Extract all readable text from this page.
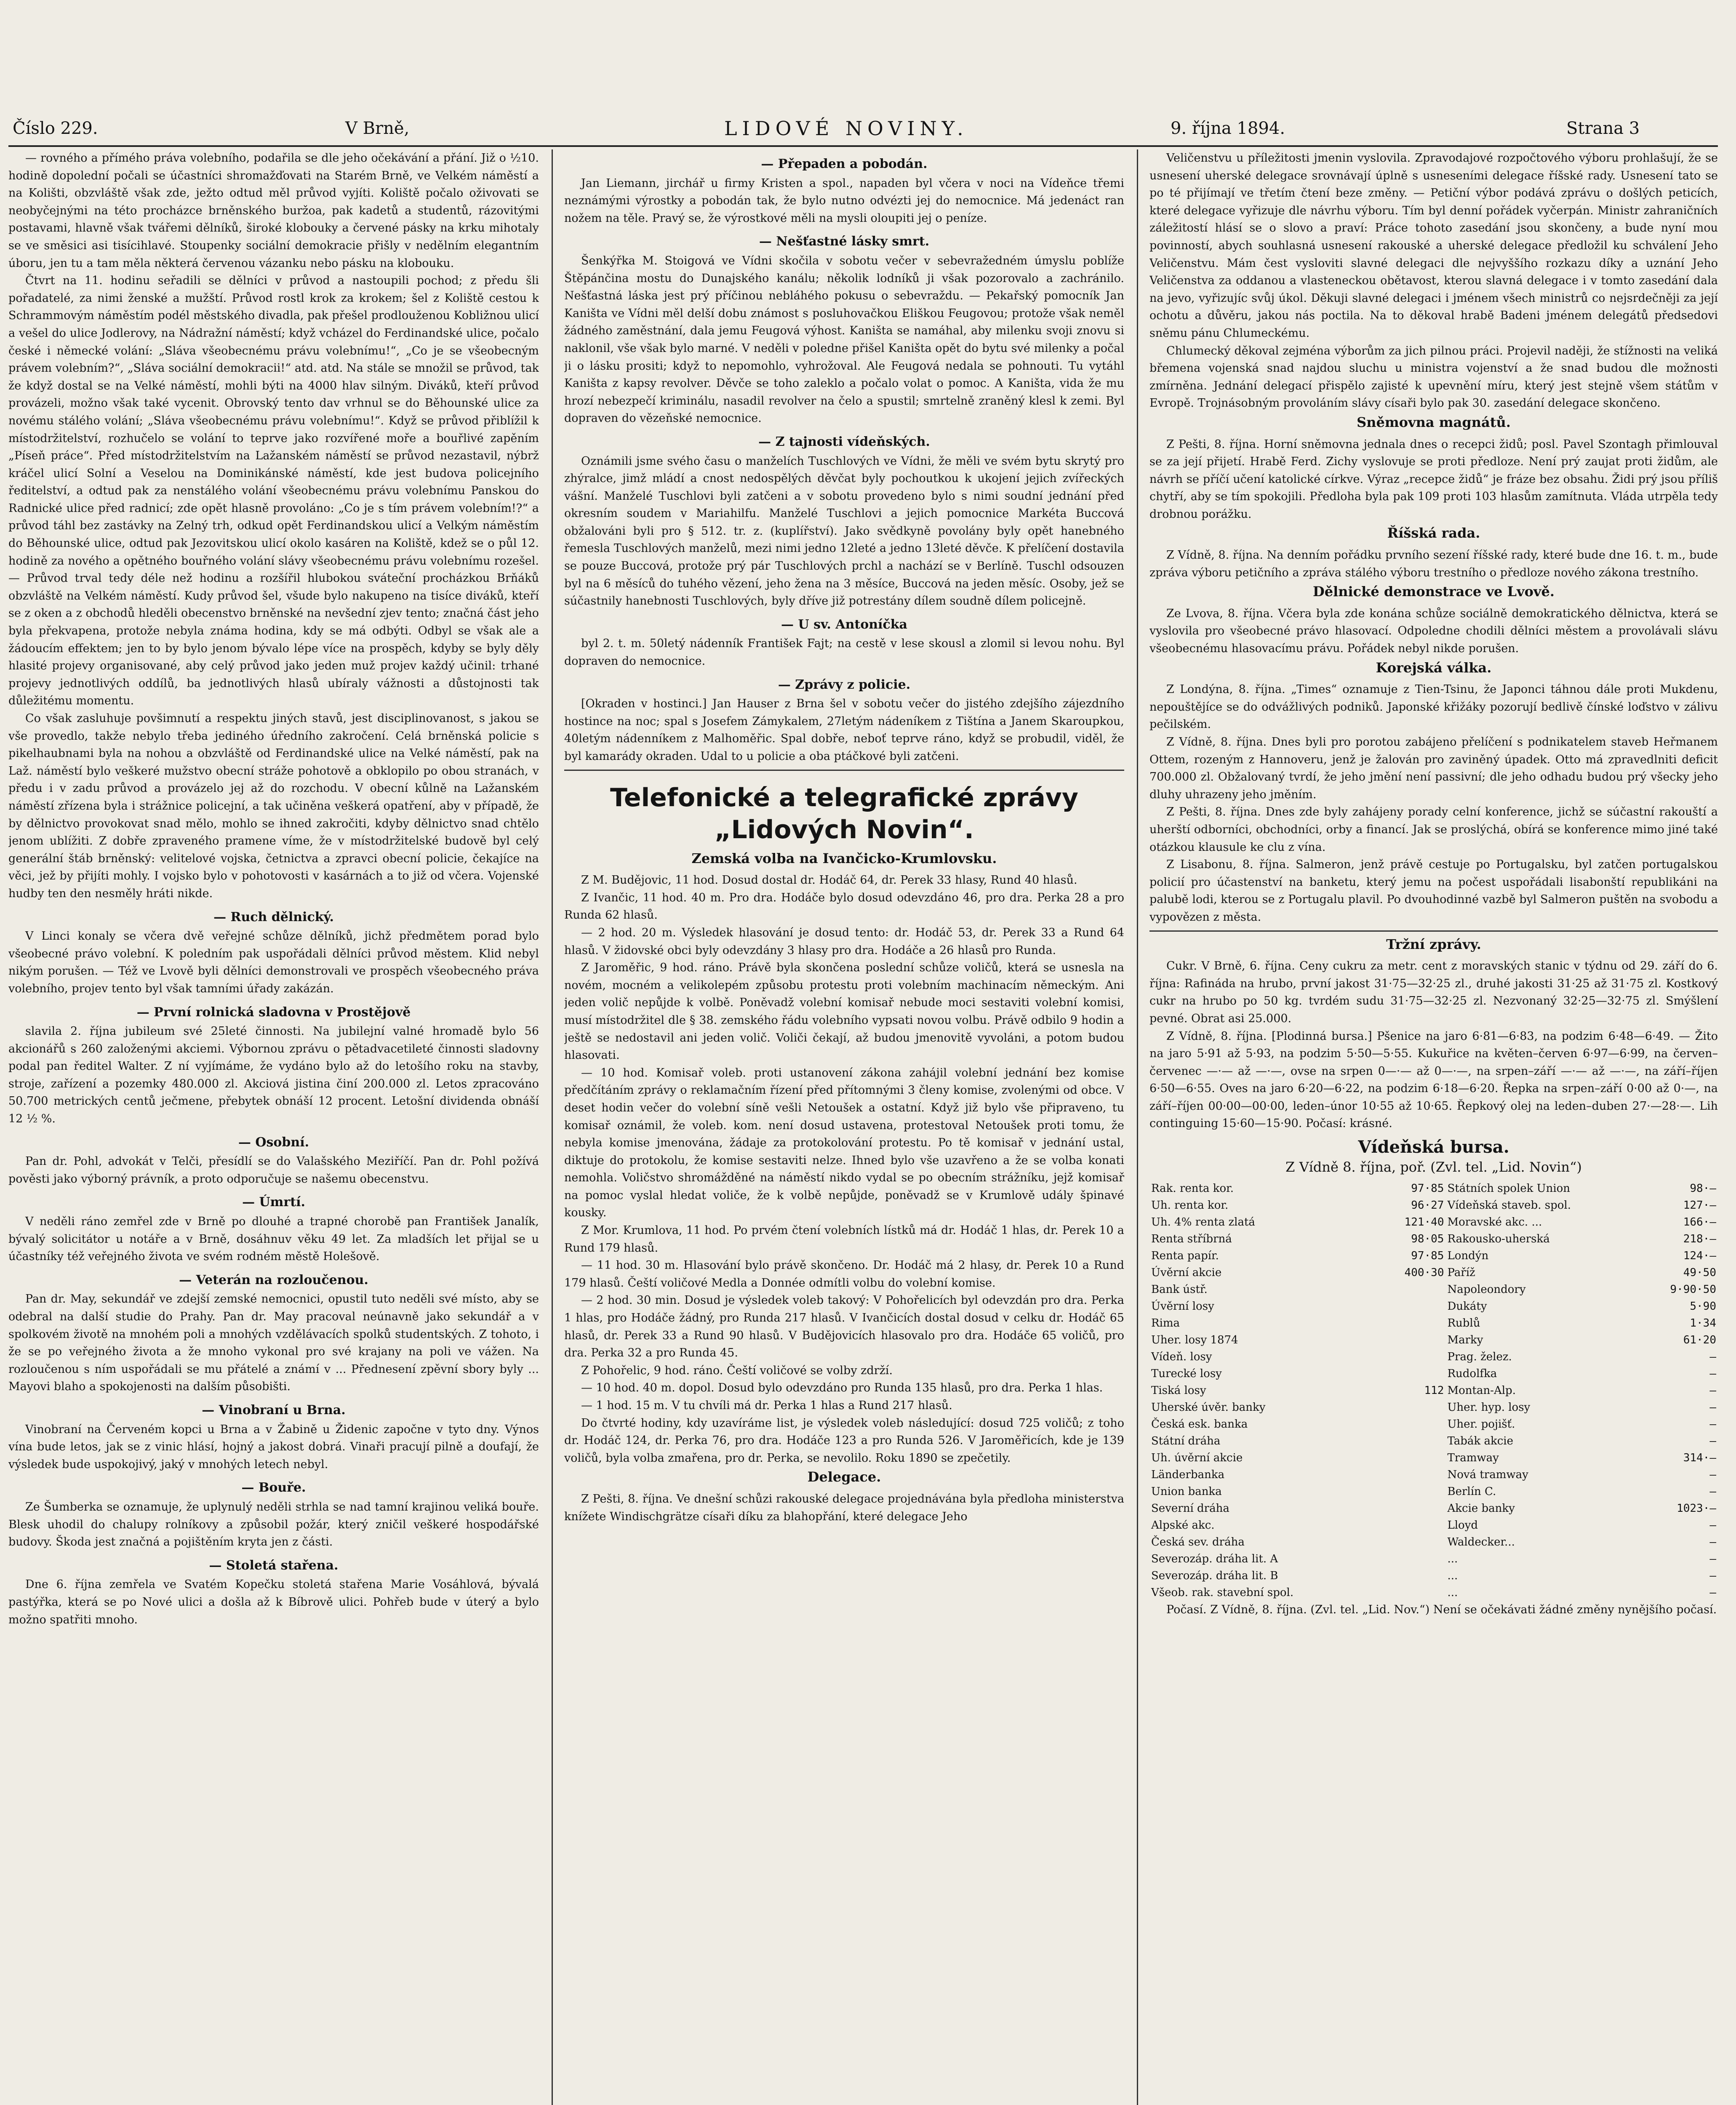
Číslo 229.	V Brně,	LIDOVÉ NOVINY.	9. října 1894.	Strana 3

— rovného a přímého práva volebního, podařila se dle jeho očekávání a přání. Již o ½10. hodině dopolední počali se účastníci shromažďovati na Starém Brně, ve Velkém náměstí a na Kolišti, obzvláště však zde, ježto odtud měl průvod vyjíti. Koliště počalo oživovati se neobyčejnými na této procházce brněnského buržoa, pak kadetů a studentů, rázovitými postavami, hlavně však tvářemi dělníků, široké klobouky a červené pásky na krku mihotaly se ve směsici asi tisícihlavé. Stoupenky sociální demokracie přišly v nedělním elegantním úboru, jen tu a tam měla některá červenou vázanku nebo pásku na klobouku.

Čtvrt na 11. hodinu seřadili se dělníci v průvod a nastoupili pochod; z předu šli pořadatelé, za nimi ženské a mužští. Průvod rostl krok za krokem; šel z Koliště cestou k Schrammovým náměstím podél městského divadla, pak přešel prodlouženou Kobližnou ulicí a vešel do ulice Jodlerovy, na Nádražní náměstí; když vcházel do Ferdinandské ulice, počalo české i německé volání: „Sláva všeobecnému právu volebnímu!“, „Co je se všeobecným právem volebním?“, „Sláva sociální demokracii!“ atd. atd. Na stále se množil se průvod, tak že když dostal se na Velké náměstí, mohli býti na 4000 hlav silným. Diváků, kteří průvod provázeli, možno však také vycenit. Obrovský tento dav vrhnul se do Běhounské ulice za novému stálého volání; „Sláva všeobecnému právu volebnímu!“. Když se průvod přiblížil k místodržitelství, rozhučelo se volání to teprve jako rozvířené moře a bouřlivé zapěním „Píseň práce“. Před místodržitelstvím na Lažanském náměstí se průvod nezastavil, nýbrž kráčel ulicí Solní a Veselou na Dominikánské náměstí, kde jest budova policejního ředitelství, a odtud pak za nenstálého volání všeobecnému právu volebnímu Panskou do Radnické ulice před radnicí; zde opět hlasně provoláno: „Co je s tím právem volebním!?“ a průvod táhl bez zastávky na Zelný trh, odkud opět Ferdinandskou ulicí a Velkým náměstím do Běhounské ulice, odtud pak Jezovitskou ulicí okolo kasáren na Koliště, kdež se o půl 12. hodině za nového a opětného bouřného volání slávy všeobecnému právu volebnímu rozešel. — Průvod trval tedy déle než hodinu a rozšířil hlubokou sváteční procházkou Brňáků obzvláště na Velkém náměstí. Kudy průvod šel, všude bylo nakupeno na tisíce diváků, kteří se z oken a z obchodů hleděli obecenstvo brněnské na nevšední zjev tento; značná část jeho byla překvapena, protože nebyla známa hodina, kdy se má odbýti. Odbyl se však ale a žádoucím effektem; jen to by bylo jenom bývalo lépe více na prospěch, kdyby se byly děly hlasité projevy organisované, aby celý průvod jako jeden muž projev každý učinil: trhané projevy jednotlivých oddílů, ba jednotlivých hlasů ubíraly vážnosti a důstojnosti tak důležitému momentu.

Co však zasluhuje povšimnutí a respektu jiných stavů, jest disciplinovanost, s jakou se vše provedlo, takže nebylo třeba jediného úředního zakročení. Celá brněnská policie s pikelhaubnami byla na nohou a obzvláště od Ferdinandské ulice na Velké náměstí, pak na Laž. náměstí bylo veškeré mužstvo obecní stráže pohotově a obklopilo po obou stranách, v předu i v zadu průvod a provázelo jej až do rozchodu. V obecní kůlně na Lažanském náměstí zřízena byla i strážnice policejní, a tak učiněna veškerá opatření, aby v případě, že by dělnictvo provokovat snad mělo, mohlo se ihned zakročiti, kdyby dělnictvo snad chtělo jenom ublížiti. Z dobře zpraveného pramene víme, že v místodržitelské budově byl celý generální štáb brněnský: velitelové vojska, četnictva a zpravci obecní policie, čekajíce na věci, jež by přijíti mohly. I vojsko bylo v pohotovosti v kasárnách a to již od včera. Vojenské hudby ten den nesměly hráti nikde.

— Ruch dělnický.

V Linci konaly se včera dvě veřejné schůze dělníků, jichž předmětem porad bylo všeobecné právo volební. K poledním pak uspořádali dělníci průvod městem. Klid nebyl nikým porušen. — Též ve Lvově byli dělníci demonstrovali ve prospěch všeobecného práva volebního, projev tento byl však tamními úřady zakázán.

— První rolnická sladovna v Prostějově

slavila 2. října jubileum své 25leté činnosti. Na jubilejní valné hromadě bylo 56 akcionářů s 260 založenými akciemi. Výbornou zprávu o pětadvacetileté činnosti sladovny podal pan ředitel Walter. Z ní vyjímáme, že vydáno bylo až do letošího roku na stavby, stroje, zařízení a pozemky 480.000 zl. Akciová jistina činí 200.000 zl. Letos zpracováno 50.700 metrických centů ječmene, přebytek obnáší 12 procent. Letošní dividenda obnáší 12 ½ %.

— Osobní.

Pan dr. Pohl, advokát v Telči, přesídlí se do Valašského Meziříčí. Pan dr. Pohl požívá pověsti jako výborný právník, a proto odporučuje se našemu obecenstvu.

— Úmrtí.

V neděli ráno zemřel zde v Brně po dlouhé a trapné chorobě pan František Janalík, bývalý solicitátor u notáře a v Brně, dosáhnuv věku 49 let. Za mladších let přijal se u účastníky též veřejného života ve svém rodném městě Holešově.

— Veterán na rozloučenou.

Pan dr. May, sekundář ve zdejší zemské nemocnici, opustil tuto neděli své místo, aby se odebral na další studie do Prahy. Pan dr. May pracoval neúnavně jako sekundář a v spolkovém životě na mnohém poli a mnohých vzdělávacích spolků studentských. Z tohoto, i že se po veřejného života a že mnoho vykonal pro své krajany na poli ve vážen. Na rozloučenou s ním uspořádali se mu přátelé a známí v ... Přednesení zpěvní sbory byly ... Mayovi blaho a spokojenosti na dalším působišti.

— Vinobraní u Brna.

Vinobraní na Červeném kopci u Brna a v Žabině u Židenic započne v tyto dny. Výnos vína bude letos, jak se z vinic hlásí, hojný a jakost dobrá. Vinaři pracují pilně a doufají, že výsledek bude uspokojivý, jaký v mnohých letech nebyl.

— Bouře.

Ze Šumberka se oznamuje, že uplynulý neděli strhla se nad tamní krajinou veliká bouře. Blesk uhodil do chalupy rolníkovy a způsobil požár, který zničil veškeré hospodářské budovy. Škoda jest značná a pojištěním kryta jen z části.

— Stoletá stařena.

Dne 6. října zemřela ve Svatém Kopečku stoletá stařena Marie Vosáhlová, bývalá pastýřka, která se po Nové ulici a došla až k Bíbrově ulici. Pohřeb bude v úterý a bylo možno spatřiti mnoho.

— Přepaden a pobodán.

Jan Liemann, jirchář u firmy Kristen a spol., napaden byl včera v noci na Vídeňce třemi neznámými výrostky a pobodán tak, že bylo nutno odvézti jej do nemocnice. Má jedenáct ran nožem na těle. Pravý se, že výrostkové měli na mysli oloupiti jej o peníze.

— Nešťastné lásky smrt.

Šenkýřka M. Stoigová ve Vídni skočila v sobotu večer v sebevražedném úmyslu poblíže Štěpánčina mostu do Dunajského kanálu; několik lodníků ji však pozorovalo a zachránilo. Nešťastná láska jest prý příčinou nebláhého pokusu o sebevraždu. — Pekařský pomocník Jan Kaništa ve Vídni měl delší dobu známost s posluhovačkou Eliškou Feugovou; protože však neměl žádného zaměstnání, dala jemu Feugová výhost. Kaništa se namáhal, aby milenku svoji znovu si naklonil, vše však bylo marné. V neděli v poledne přišel Kaništa opět do bytu své milenky a počal ji o lásku prositi; když to nepomohlo, vyhrožoval. Ale Feugová nedala se pohnouti. Tu vytáhl Kaništa z kapsy revolver. Děvče se toho zaleklo a počalo volat o pomoc. A Kaništa, vida že mu hrozí nebezpečí kriminálu, nasadil revolver na čelo a spustil; smrtelně zraněný klesl k zemi. Byl dopraven do vězeňské nemocnice.

— Z tajnosti vídeňských.

Oznámili jsme svého času o manželích Tuschlových ve Vídni, že měli ve svém bytu skrytý pro zhýralce, jimž mládí a cnost nedospělých děvčat byly pochoutkou k ukojení jejich zvířeckých vášní. Manželé Tuschlovi byli zatčeni a v sobotu provedeno bylo s nimi soudní jednání před okresním soudem v Mariahilfu. Manželé Tuschlovi a jejich pomocnice Markéta Buccová obžalováni byli pro § 512. tr. z. (kuplířství). Jako svědkyně povolány byly opět hanebného řemesla Tuschlových manželů, mezi nimi jedno 12leté a jedno 13leté děvče. K přelíčení dostavila se pouze Buccová, protože prý pár Tuschlových prchl a nachází se v Berlíně. Tuschl odsouzen byl na 6 měsíců do tuhého vězení, jeho žena na 3 měsíce, Buccová na jeden měsíc. Osoby, jež se súčastnily hanebnosti Tuschlových, byly dříve již potrestány dílem soudně dílem policejně.

— U sv. Antoníčka

byl 2. t. m. 50letý nádenník František Fajt; na cestě v lese skousl a zlomil si levou nohu. Byl dopraven do nemocnice.

— Zprávy z policie.

[Okraden v hostinci.] Jan Hauser z Brna šel v sobotu večer do jistého zdejšího zájezdního hostince na noc; spal s Josefem Zámykalem, 27letým nádeníkem z Tištína a Janem Skaroupkou, 40letým nádenníkem z Malhoměřic. Spal dobře, neboť teprve ráno, když se probudil, viděl, že byl kamarády okraden. Udal to u policie a oba ptáčkové byli zatčeni.

Telefonické a telegrafické zprávy „Lidových Novin“.
Zemská volba na Ivančicko-Krumlovsku.

Z M. Budějovic, 11 hod. Dosud dostal dr. Hodáč 64, dr. Perek 33 hlasy, Rund 40 hlasů.

Z Ivančic, 11 hod. 40 m. Pro dra. Hodáče bylo dosud odevzdáno 46, pro dra. Perka 28 a pro Runda 62 hlasů.

— 2 hod. 20 m. Výsledek hlasování je dosud tento: dr. Hodáč 53, dr. Perek 33 a Rund 64 hlasů. V židovské obci byly odevzdány 3 hlasy pro dra. Hodáče a 26 hlasů pro Runda.

Z Jaroměřic, 9 hod. ráno. Právě byla skončena poslední schůze voličů, která se usnesla na novém, mocném a velikolepém způsobu protestu proti volebním machinacím německým. Ani jeden volič nepůjde k volbě. Poněvadž volební komisař nebude moci sestaviti volební komisi, musí místodržitel dle § 38. zemského řádu volebního vypsati novou volbu. Právě odbilo 9 hodin a ještě se nedostavil ani jeden volič. Voliči čekají, až budou jmenovitě vyvoláni, a potom budou hlasovati.

— 10 hod. Komisař voleb. proti ustanovení zákona zahájil volební jednání bez komise předčítáním zprávy o reklamačním řízení před přítomnými 3 členy komise, zvolenými od obce. V deset hodin večer do volební síně vešli Netoušek a ostatní. Když již bylo vše připraveno, tu komisař oznámil, že voleb. kom. není dosud ustavena, protestoval Netoušek proti tomu, že nebyla komise jmenována, žádaje za protokolování protestu. Po tě komisař v jednání ustal, diktuje do protokolu, že komise sestaviti nelze. Ihned bylo vše uzavřeno a že se volba konati nemohla. Voličstvo shromážděné na náměstí nikdo vydal se po obecním strážníku, jejž komisař na pomoc vyslal hledat voliče, že k volbě nepůjde, poněvadž se v Krumlově udály špinavé kousky.

Z Mor. Krumlova, 11 hod. Po prvém čtení volebních lístků má dr. Hodáč 1 hlas, dr. Perek 10 a Rund 179 hlasů.

— 11 hod. 30 m. Hlasování bylo právě skončeno. Dr. Hodáč má 2 hlasy, dr. Perek 10 a Rund 179 hlasů. Čeští voličové Medla a Donnée odmítli volbu do volební komise.

— 2 hod. 30 min. Dosud je výsledek voleb takový: V Pohořelicích byl odevzdán pro dra. Perka 1 hlas, pro Hodáče žádný, pro Runda 217 hlasů. V Ivančicích dostal dosud v celku dr. Hodáč 65 hlasů, dr. Perek 33 a Rund 90 hlasů. V Budějovicích hlasovalo pro dra. Hodáče 65 voličů, pro dra. Perka 32 a pro Runda 45.

Z Pohořelic, 9 hod. ráno. Čeští voličové se volby zdrží.

— 10 hod. 40 m. dopol. Dosud bylo odevzdáno pro Runda 135 hlasů, pro dra. Perka 1 hlas.

— 1 hod. 15 m. V tu chvíli má dr. Perka 1 hlas a Rund 217 hlasů.

Do čtvrté hodiny, kdy uzavíráme list, je výsledek voleb následující: dosud 725 voličů; z toho dr. Hodáč 124, dr. Perka 76, pro dra. Hodáče 123 a pro Runda 526. V Jaroměřicích, kde je 139 voličů, byla volba zmařena, pro dr. Perka, se nevolilo. Roku 1890 se zpečetily.

Delegace.

Z Pešti, 8. října. Ve dnešní schůzi rakouské delegace projednávána byla předloha ministerstva knížete Windischgrätze císaři díku za blahopřání, které delegace Jeho

Veličenstvu u příležitosti jmenin vyslovila. Zpravodajové rozpočtového výboru prohlašují, že se usnesení uherské delegace srovnávají úplně s usneseními delegace říšské rady. Usnesení tato se po té přijímají ve třetím čtení beze změny. — Petiční výbor podává zprávu o došlých peticích, které delegace vyřizuje dle návrhu výboru. Tím byl denní pořádek vyčerpán. Ministr zahraničních záležitostí hlásí se o slovo a praví: Práce tohoto zasedání jsou skončeny, a bude nyní mou povinností, abych souhlasná usnesení rakouské a uherské delegace předložil ku schválení Jeho Veličenstvu. Mám čest vysloviti slavné delegaci dle nejvyššího rozkazu díky a uznání Jeho Veličenstva za oddanou a vlasteneckou obětavost, kterou slavná delegace i v tomto zasedání dala na jevo, vyřizujíc svůj úkol. Děkuji slavné delegaci i jménem všech ministrů co nejsrdečněji za její ochotu a důvěru, jakou nás poctila. Na to děkoval hrabě Badeni jménem delegátů předsedovi sněmu pánu Chlumeckému.

Chlumecký děkoval zejména výborům za jich pilnou práci. Projevil naději, že stížnosti na veliká břemena vojenská snad najdou sluchu u ministra vojenství a že snad budou dle možnosti zmírněna. Jednání delegací přispělo zajisté k upevnění míru, který jest stejně všem státům v Evropě. Trojnásobným provoláním slávy císaři bylo pak 30. zasedání delegace skončeno.

Sněmovna magnátů.

Z Pešti, 8. října. Horní sněmovna jednala dnes o recepci židů; posl. Pavel Szontagh přimlouval se za její přijetí. Hrabě Ferd. Zichy vyslovuje se proti předloze. Není prý zaujat proti židům, ale návrh se příčí učení katolické církve. Výraz „recepce židů“ je fráze bez obsahu. Židi prý jsou příliš chytří, aby se tím spokojili. Předloha byla pak 109 proti 103 hlasům zamítnuta. Vláda utrpěla tedy drobnou porážku.

Říšská rada.

Z Vídně, 8. října. Na denním pořádku prvního sezení říšské rady, které bude dne 16. t. m., bude zpráva výboru petičního a zpráva stálého výboru trestního o předloze nového zákona trestního.

Dělnické demonstrace ve Lvově.

Ze Lvova, 8. října. Včera byla zde konána schůze sociálně demokratického dělnictva, která se vyslovila pro všeobecné právo hlasovací. Odpoledne chodili dělníci městem a provolávali slávu všeobecnému hlasovacímu právu. Pořádek nebyl nikde porušen.

Korejská válka.

Z Londýna, 8. října. „Times“ oznamuje z Tien-Tsinu, že Japonci táhnou dále proti Mukdenu, nepouštějíce se do odvážlivých podniků. Japonské křižáky pozorují bedlivě čínské loďstvo v zálivu pečilském.

Z Vídně, 8. října. Dnes byli pro porotou zabájeno přelíčení s podnikatelem staveb Heřmanem Ottem, rozeným z Hannoveru, jenž je žalován pro zaviněný úpadek. Otto má zpravedlniti deficit 700.000 zl. Obžalovaný tvrdí, že jeho jmění není passivní; dle jeho odhadu budou prý všecky jeho dluhy uhrazeny jeho jměním.

Z Pešti, 8. října. Dnes zde byly zahájeny porady celní konference, jichž se súčastní rakouští a uherští odborníci, obchodníci, orby a financí. Jak se proslýchá, obírá se konference mimo jiné také otázkou klausule ke clu z vína.

Z Lisabonu, 8. října. Salmeron, jenž právě cestuje po Portugalsku, byl zatčen portugalskou policií pro účastenství na banketu, který jemu na počest uspořádali lisabonští republikáni na palubě lodi, kterou se z Portugalu plavil. Po dvouhodinné vazbě byl Salmeron puštěn na svobodu a vypovězen z města.

Tržní zprávy.

Cukr. V Brně, 6. října. Ceny cukru za metr. cent z moravských stanic v týdnu od 29. září do 6. října: Rafináda na hrubo, první jakost 31·75—32·25 zl., druhé jakosti 31·25 až 31·75 zl. Kostkový cukr na hrubo po 50 kg. tvrdém sudu 31·75—32·25 zl. Nezvonaný 32·25—32·75 zl. Smýšlení pevné. Obrat asi 25.000.

Z Vídně, 8. října. [Plodinná bursa.] Pšenice na jaro 6·81—6·83, na podzim 6·48—6·49. — Žito na jaro 5·91 až 5·93, na podzim 5·50—5·55. Kukuřice na květen–červen 6·97—6·99, na červen–červenec —·— až —·—, ovse na srpen 0—·— až 0—·—, na srpen–září —·— až —·—, na září–říjen 6·50—6·55. Oves na jaro 6·20—6·22, na podzim 6·18—6·20. Řepka na srpen–září 0·00 až 0·—, na září–říjen 00·00—00·00, leden–únor 10·55 až 10·65. Řepkový olej na leden–duben 27·—28·—. Lih continguing 15·60—15·90. Počasí: krásné.

Vídeňská bursa.
Z Vídně 8. října, poř. (Zvl. tel. „Lid. Novin“)
Rak. renta kor.		97·85	Státních spolek Union	98·—
Uh. renta kor.		96·27	Vídeňská staveb. spol.	127·—
Uh. 4% renta zlatá		121·40	Moravské akc. ...	166·—
Renta stříbrná		98·05	Rakousko-uherská	218·—
Renta papír.		97·85	Londýn	124·—
Úvěrní akcie		400·30	Paříž	49·50
Bank ústř.			Napoleondory	9·90·50
Úvěrní losy			Dukáty	5·90
Rima			Rublů	1·34
Uher. losy 1874			Marky	61·20
Vídeň. losy			Prag. želez.	—
Turecké losy			Rudolfka	—
Tiská losy		112	Montan-Alp.	—
Uherské úvěr. banky			Uher. hyp. losy	—
Česká esk. banka			Uher. pojišť.	—
Státní dráha			Tabák akcie	—
Uh. úvěrní akcie			Tramway	314·—
Länderbanka			Nová tramway	—
Union banka			Berlín C.	—
Severní dráha			Akcie banky	1023·—
Alpské akc.			Lloyd	—
Česká sev. dráha			Waldecker...	—
Severozáp. dráha lit. A			...	—
Severozáp. dráha lit. B			...	—
Všeob. rak. stavební spol.			...	—

Počasí. Z Vídně, 8. října. (Zvl. tel. „Lid. Nov.“) Není se očekávati žádné změny nynějšího počasí.
